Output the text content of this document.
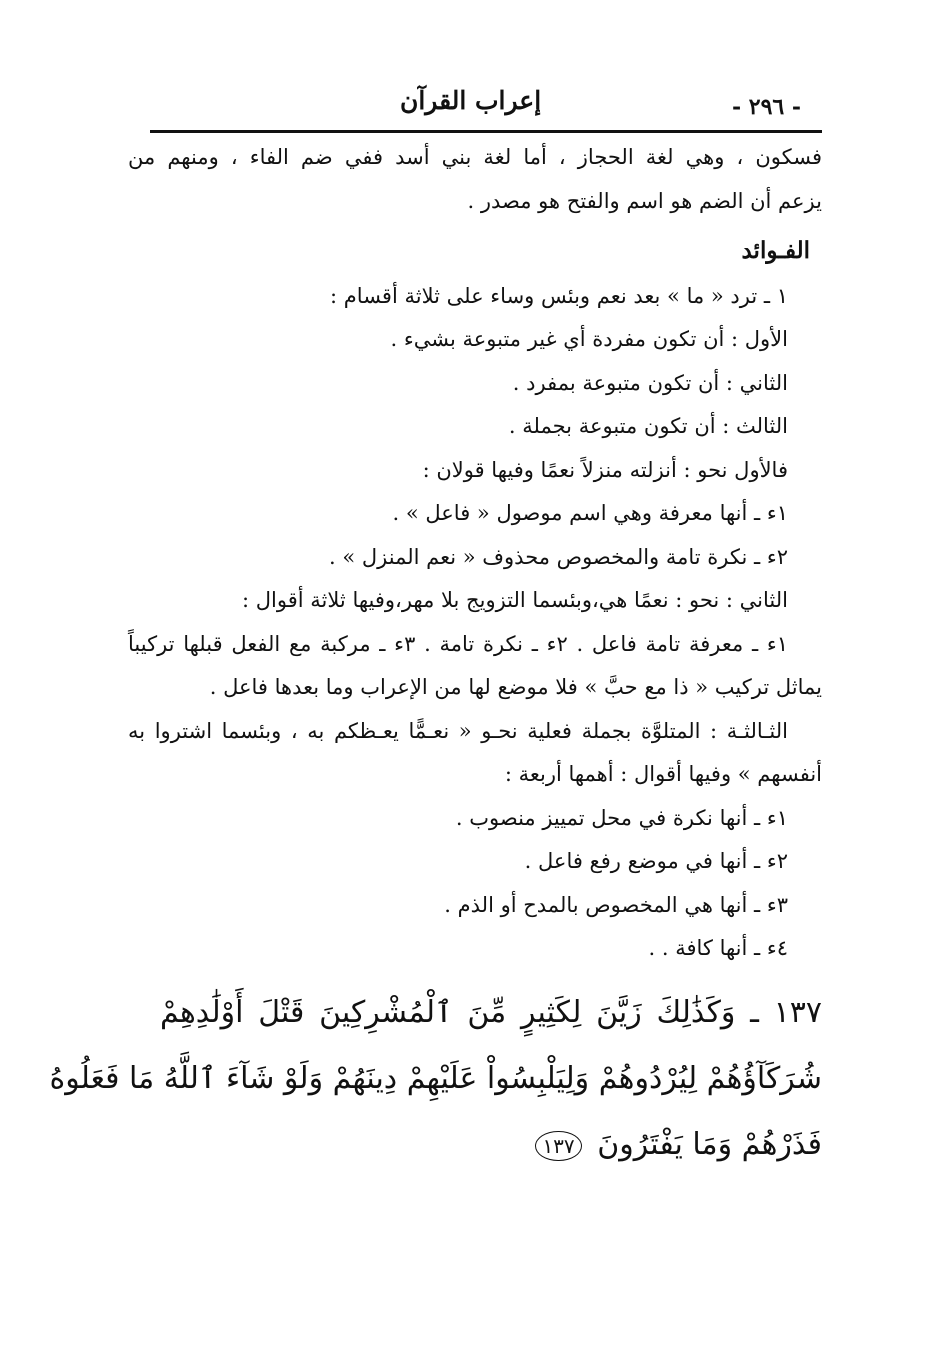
إعراب القرآن	- ٢٩٦ -
فسكون ، وهي لغة الحجاز ، أما لغة بني أسد ففي ضم الفاء ، ومنهم من
يزعم أن الضم هو اسم والفتح هو مصدر .
الفـوائد
١ ـ ترد « ما » بعد نعم وبئس وساء على ثلاثة أقسام :
الأول : أن تكون مفردة أي غير متبوعة بشيء .
الثاني : أن تكون متبوعة بمفرد .
الثالث : أن تكون متبوعة بجملة .
فالأول نحو : أنزلته منزلاً نعمًا وفيها قولان :
١ء ـ أنها معرفة وهي اسم موصول « فاعل » .
٢ء ـ نكرة تامة والمخصوص محذوف « نعم المنزل » .
الثاني : نحو : نعمًا هي،وبئسما التزويج بلا مهر،وفيها ثلاثة أقوال :
١ء ـ معرفة تامة فاعل . ٢ء ـ نكرة تامة . ٣ء ـ مركبة مع الفعل قبلها تركيباً
يماثل تركيب « ذا مع حبَّ » فلا موضع لها من الإعراب وما بعدها فاعل .
الثـالثـة : المتلوَّة بجملة فعلية نحـو « نعـمًّا يعـظكم به ، وبئسما اشتروا به
أنفسهم » وفيها أقوال : أهمها أربعة :
١ء ـ أنها نكرة في محل تمييز منصوب .
٢ء ـ أنها في موضع رفع فاعل .
٣ء ـ أنها هي المخصوص بالمدح أو الذم .
٤ء ـ أنها كافة . .
١٣٧ ـ وَكَذَٰلِكَ زَيَّنَ لِكَثِيرٍ مِّنَ ٱلْمُشْرِكِينَ قَتْلَ أَوْلَٰدِهِمْ
شُرَكَآؤُهُمْ لِيُرْدُوهُمْ وَلِيَلْبِسُواْ عَلَيْهِمْ دِينَهُمْ وَلَوْ شَآءَ ٱللَّهُ مَا فَعَلُوهُ
فَذَرْهُمْ وَمَا يَفْتَرُونَ ١٣٧
